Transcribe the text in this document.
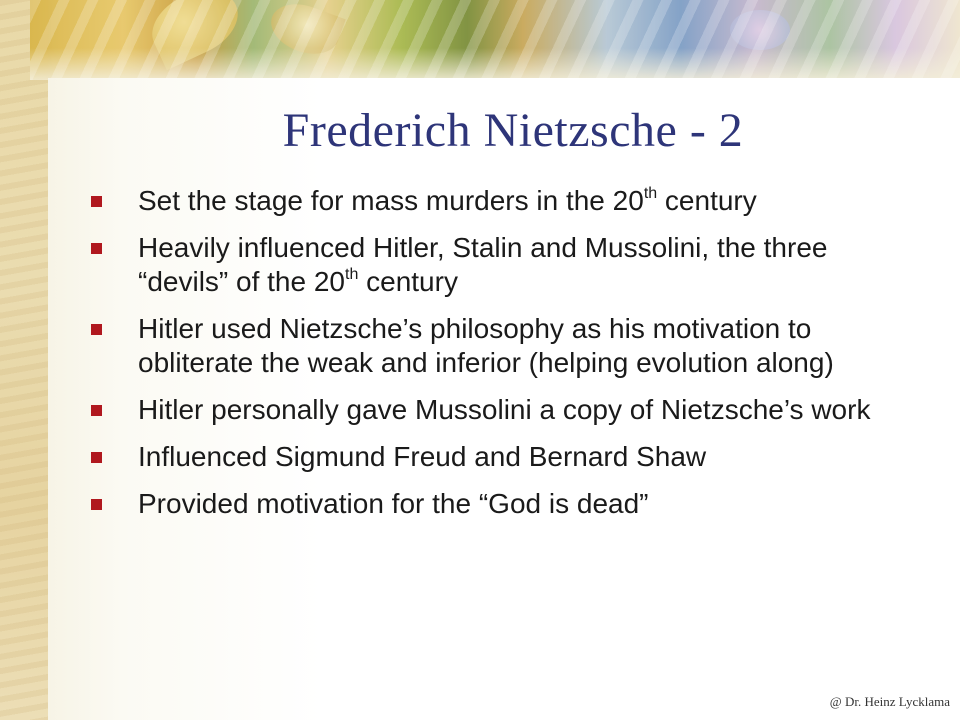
Frederich Nietzsche - 2
Set the stage for mass murders in the 20th century
Heavily influenced Hitler, Stalin and Mussolini, the three “devils” of the 20th century
Hitler used Nietzsche’s philosophy as his motivation to obliterate the weak and inferior (helping evolution along)
Hitler personally gave Mussolini a copy of Nietzsche’s work
Influenced Sigmund Freud and Bernard Shaw
Provided motivation for the “God is dead”
@ Dr. Heinz Lycklama
